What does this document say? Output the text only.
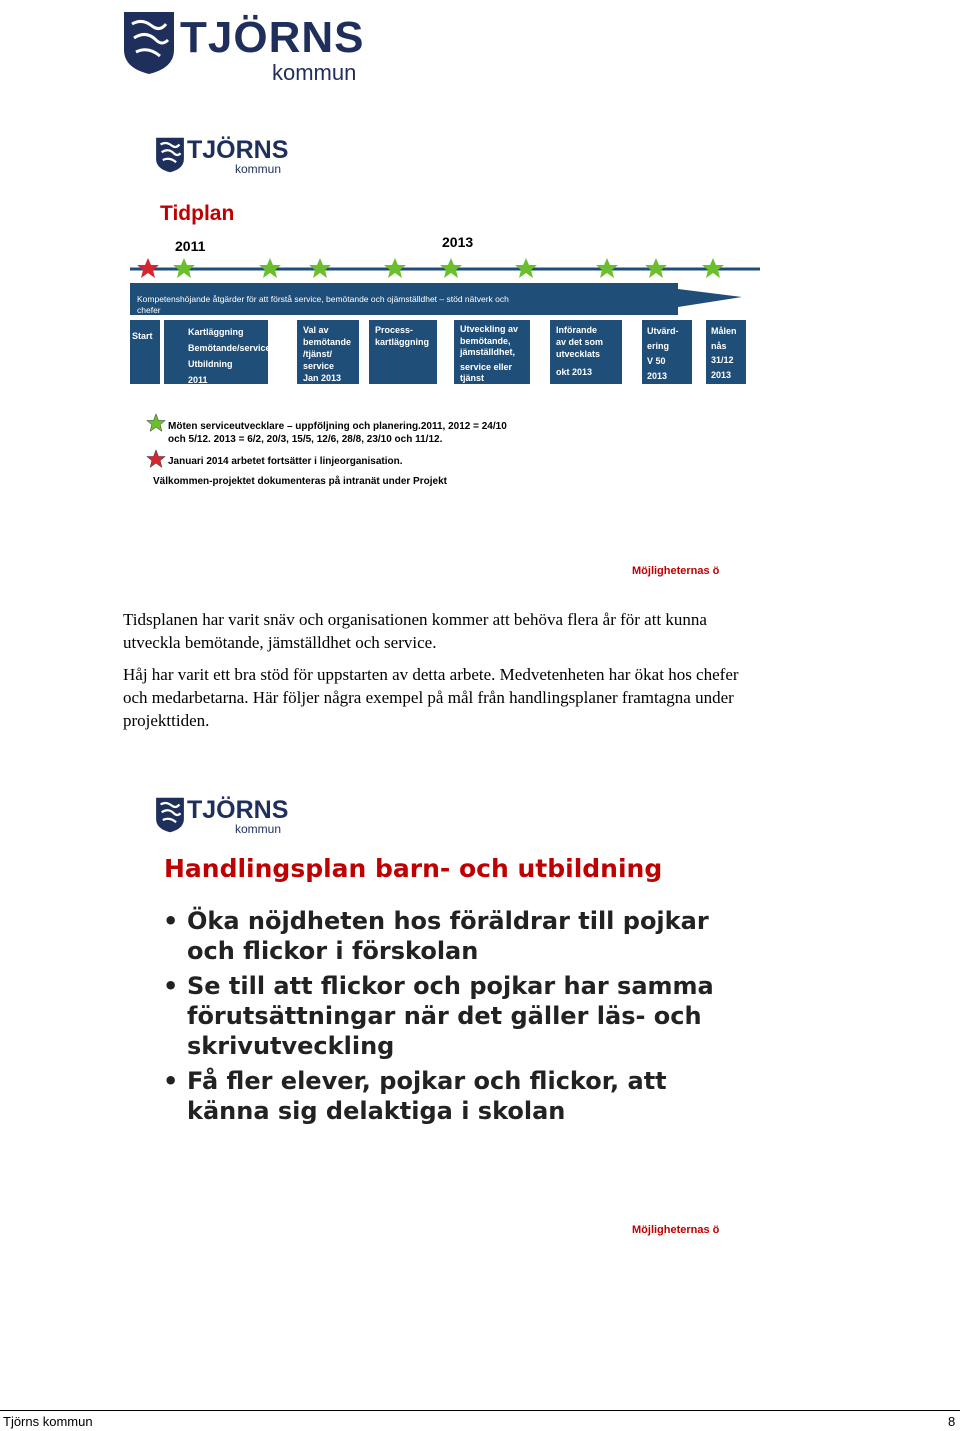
TJÖRNS
kommun
TJÖRNS
kommun
Tidplan
2011	2013
Kompetenshöjande åtgärder för att förstå service, bemötande och ojämställdhet – stöd nätverk och chefer
Start	Kartläggning
Bemötande/service
Utbildning
2011
Val av
bemötande
/tjänst/
service
Jan 2013
Process-
kartläggning
Utveckling av
bemötande,
jämställdhet,
service eller
tjänst
Införande
av det som
utvecklats
okt 2013
Utvärd-
ering
V 50 2013
Målen
nås
31/12
2013
Möten serviceutvecklare – uppföljning och planering.2011, 2012 = 24/10 och 5/12. 2013 = 6/2, 20/3, 15/5, 12/6, 28/8, 23/10 och 11/12.
Januari 2014 arbetet fortsätter i linjeorganisation.
Välkommen-projektet dokumenteras på intranät under Projekt
Möjligheternas ö
Tidsplanen har varit snäv och organisationen kommer att behöva flera år för att kunna utveckla bemötande, jämställdhet och service.
Håj har varit ett bra stöd för uppstarten av detta arbete. Medvetenheten har ökat hos chefer och medarbetarna. Här följer några exempel på mål från handlingsplaner framtagna under projekttiden.
TJÖRNS
kommun
Handlingsplan barn- och utbildning
• Öka nöjdheten hos föräldrar till pojkar och flickor i förskolan
• Se till att flickor och pojkar har samma förutsättningar när det gäller läs- och skrivutveckling
• Få fler elever, pojkar och flickor, att känna sig delaktiga i skolan
Möjligheternas ö
Tjörns kommun	8
